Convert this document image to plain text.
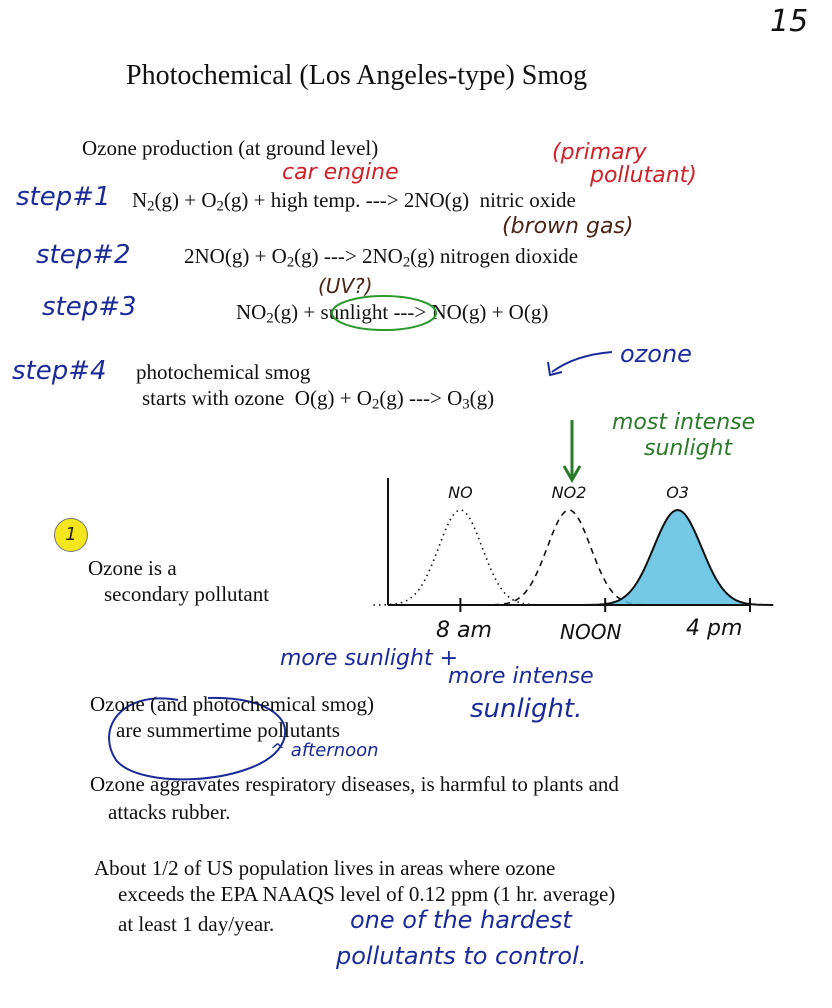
15
Photochemical (Los Angeles-type) Smog
Ozone production (at ground level)
car engine
(primary
pollutant)
step#1 $N_2(g) + O_2(g)$ + high temp. ---> 2NO(g)  nitric oxide
(brown gas)
step#2	$2NO(g) + O_2(g)$ ---> $2NO_2(g)$ nitrogen dioxide
(UV?)
step#3	$NO_2(g)$ + sunlight ---> NO(g) + O(g)
step#4 photochemical smog
starts with ozone  $O(g) + O_2(g)$ ---> $O_3(g)$
ozone
most intense
sunlight
1
Ozone is a
secondary pollutant
NO	NO2	O3
8 am	NOON	4 pm
more sunlight +
more intense
sunlight.
Ozone (and photochemical smog)
are summertime pollutants
^ afternoon
Ozone aggravates respiratory diseases, is harmful to plants and
attacks rubber.
About 1/2 of US population lives in areas where ozone
exceeds the EPA NAAQS level of 0.12 ppm (1 hr. average)
at least 1 day/year.	one of the hardest
pollutants to control.
